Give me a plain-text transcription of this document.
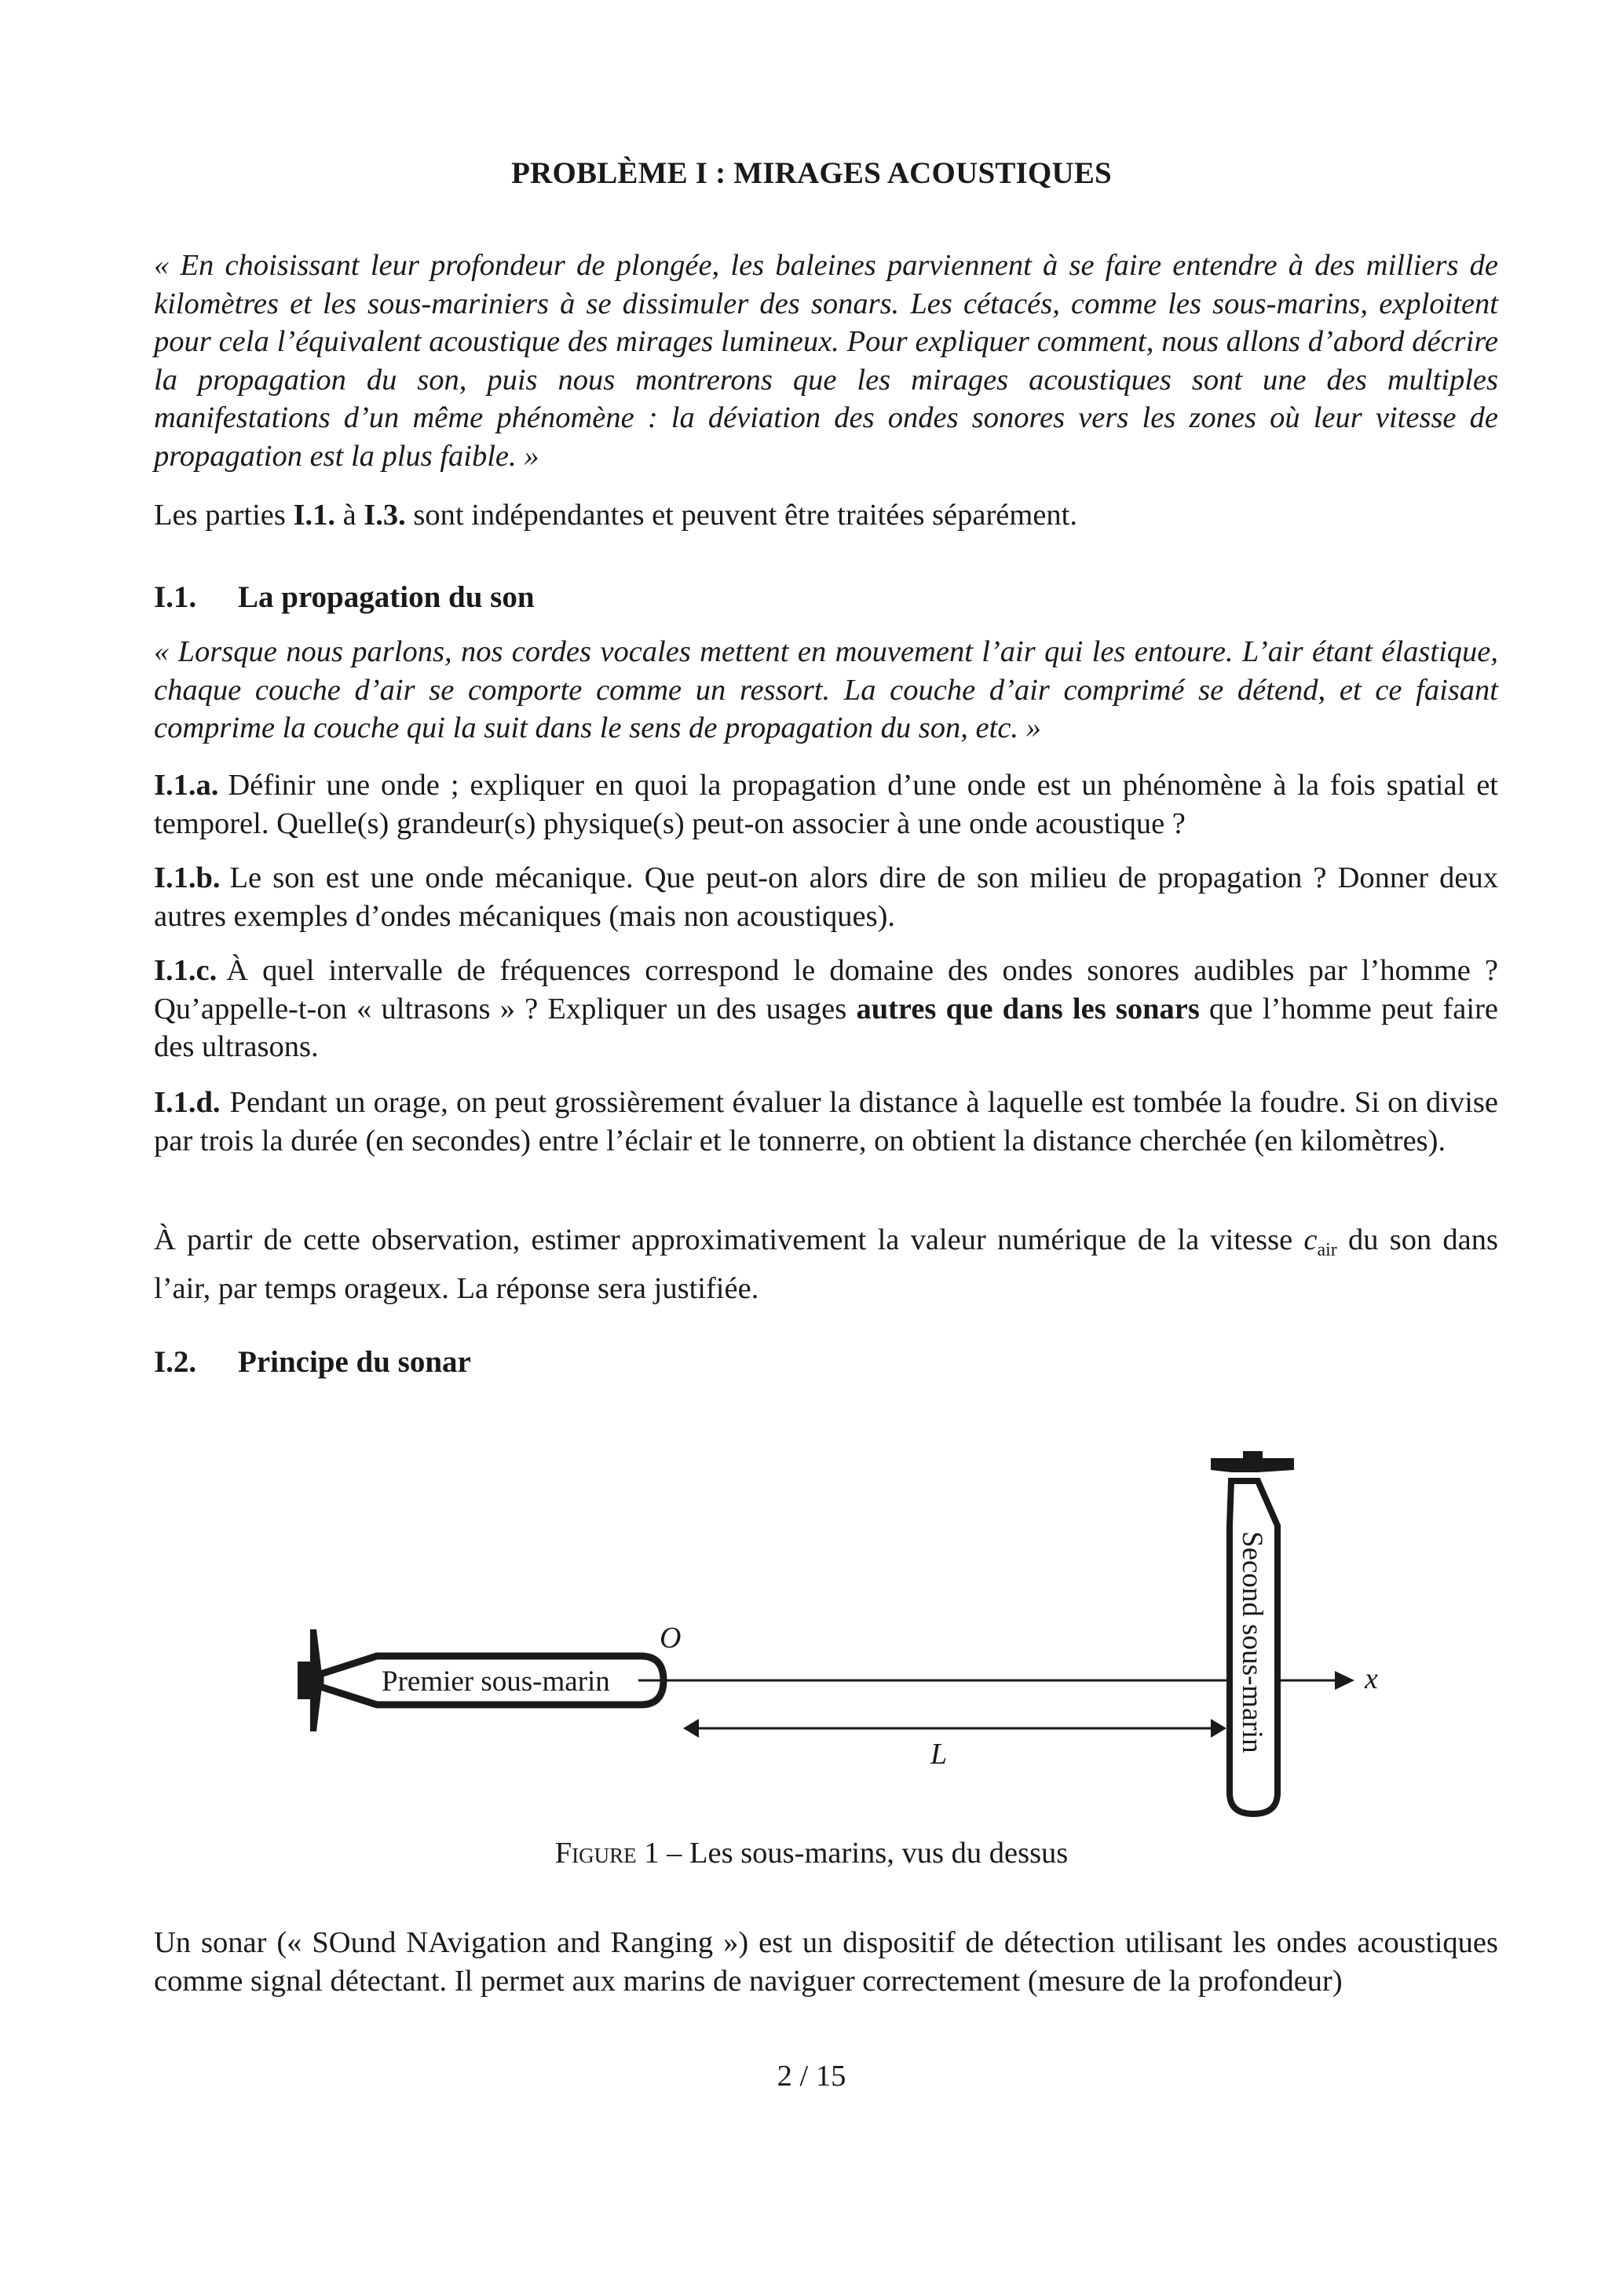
PROBLÈME I : MIRAGES ACOUSTIQUES
« En choisissant leur profondeur de plongée, les baleines parviennent à se faire entendre à des milliers de kilomètres et les sous-mariniers à se dissimuler des sonars. Les cétacés, comme les sous-marins, exploitent pour cela l’équivalent acoustique des mirages lumineux. Pour expliquer comment, nous allons d’abord décrire la propagation du son, puis nous montrerons que les mirages acoustiques sont une des multiples manifestations d’un même phénomène : la déviation des ondes sonores vers les zones où leur vitesse de propagation est la plus faible. »
Les parties I.1. à I.3. sont indépendantes et peuvent être traitées séparément.
I.1. La propagation du son
« Lorsque nous parlons, nos cordes vocales mettent en mouvement l’air qui les entoure. L’air étant élastique, chaque couche d’air se comporte comme un ressort. La couche d’air comprimé se détend, et ce faisant comprime la couche qui la suit dans le sens de propagation du son, etc. »
I.1.a. Définir une onde ; expliquer en quoi la propagation d’une onde est un phénomène à la fois spatial et temporel. Quelle(s) grandeur(s) physique(s) peut-on associer à une onde acoustique ?
I.1.b. Le son est une onde mécanique. Que peut-on alors dire de son milieu de propagation ? Donner deux autres exemples d’ondes mécaniques (mais non acoustiques).
I.1.c. À quel intervalle de fréquences correspond le domaine des ondes sonores audibles par l’homme ? Qu’appelle-t-on « ultrasons » ? Expliquer un des usages autres que dans les sonars que l’homme peut faire des ultrasons.
I.1.d. Pendant un orage, on peut grossièrement évaluer la distance à laquelle est tombée la foudre. Si on divise par trois la durée (en secondes) entre l’éclair et le tonnerre, on obtient la distance cherchée (en kilomètres).
À partir de cette observation, estimer approximativement la valeur numérique de la vitesse $c_{air}$ du son dans l’air, par temps orageux. La réponse sera justifiée.
I.2. Principe du sonar
Premier sous-marin	x
O	Second sous-marin
L
Figure 1 – Les sous-marins, vus du dessus
Un sonar (« SOund NAvigation and Ranging ») est un dispositif de détection utilisant les ondes acoustiques comme signal détectant. Il permet aux marins de naviguer correctement (mesure de la profondeur)
2 / 15
